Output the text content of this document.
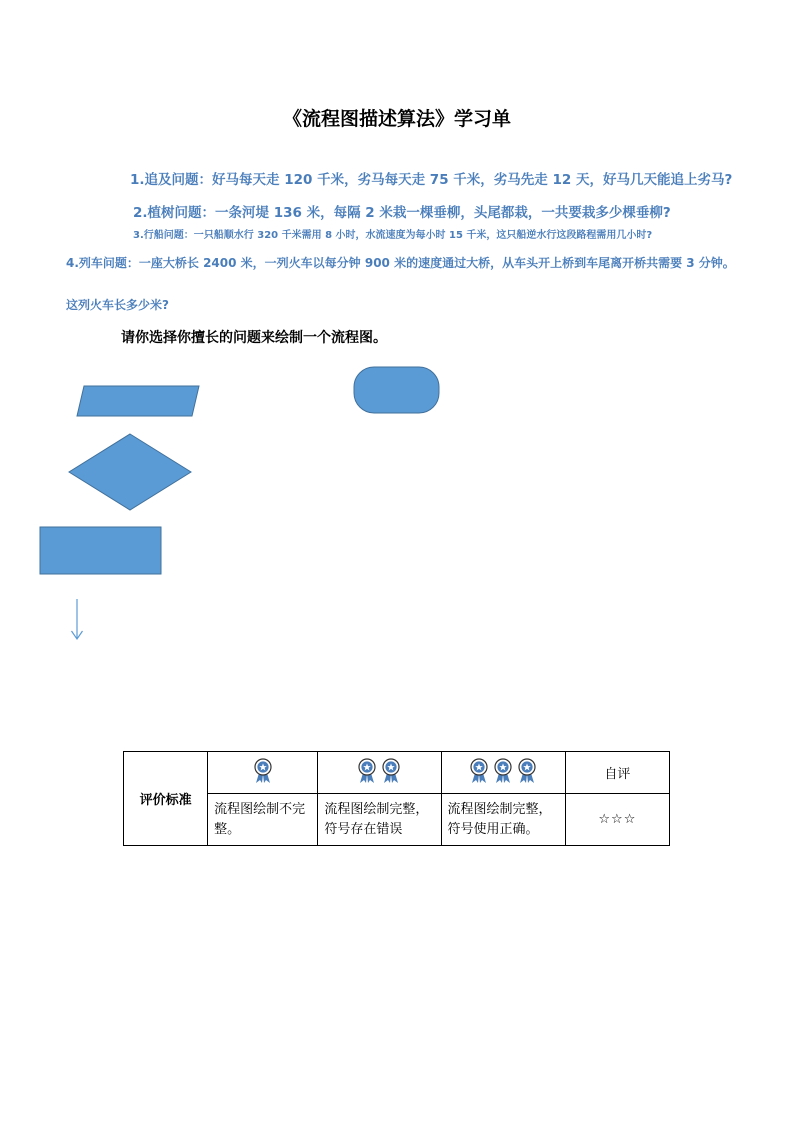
《流程图描述算法》学习单
1.追及问题：好马每天走 120 千米，劣马每天走 75 千米，劣马先走 12 天，好马几天能追上劣马?
2.植树问题：一条河堤 136 米，每隔 2 米栽一棵垂柳，头尾都栽，一共要栽多少棵垂柳?
3.行船问题：一只船顺水行 320 千米需用 8 小时，水流速度为每小时 15 千米，这只船逆水行这段路程需用几小时?
4.列车问题：一座大桥长 2400 米，一列火车以每分钟 900 米的速度通过大桥，从车头开上桥到车尾离开桥共需要 3 分钟。
这列火车长多少米?
请你选择你擅长的问题来绘制一个流程图。
评价标准				自评
	流程图绘制不完整。	流程图绘制完整，符号存在错误	流程图绘制完整，符号使用正确。	☆☆☆
